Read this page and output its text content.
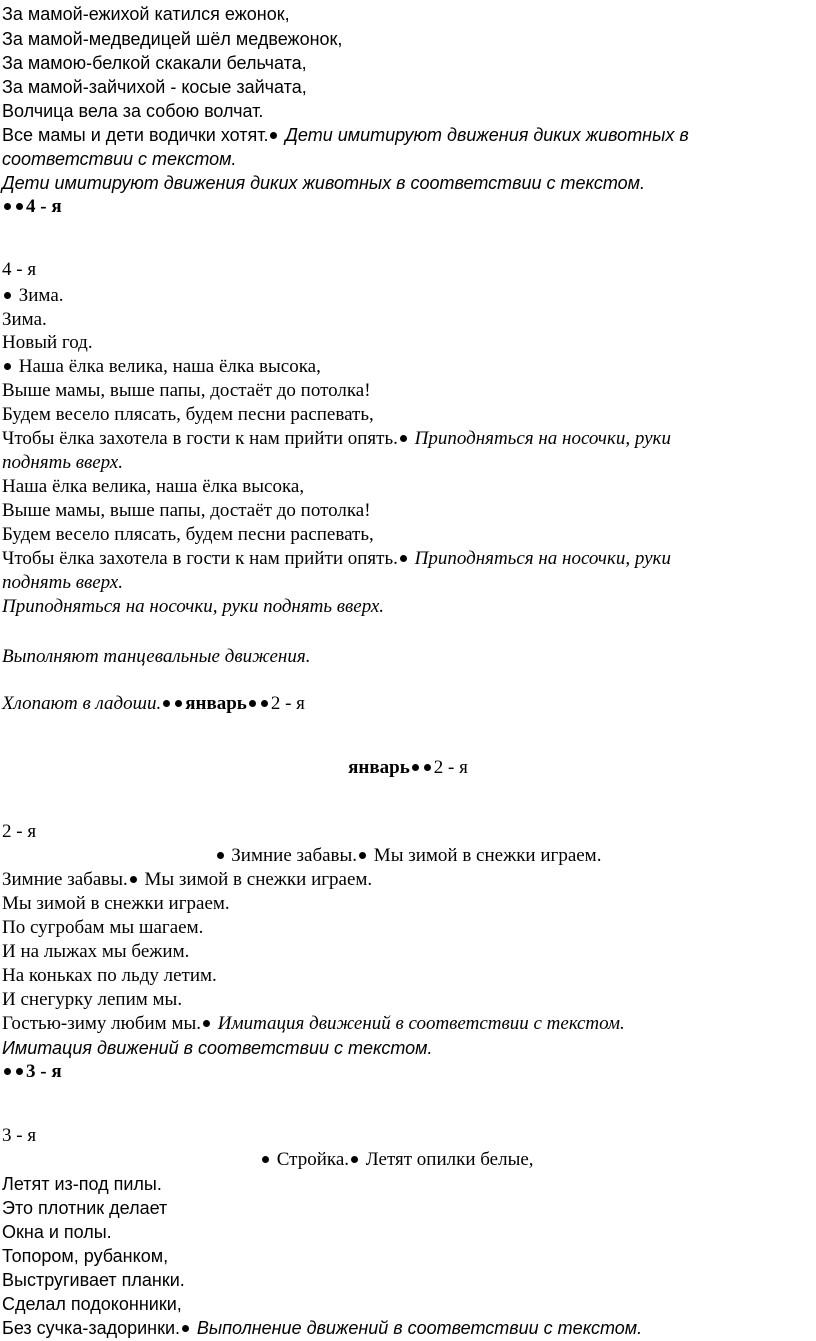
За мамой-ежихой катился ежонок,
За мамой-медведицей шёл медвежонок,
За мамою-белкой скакали бельчата,
За мамой-зайчихой - косые зайчата,
Волчица вела за собою волчат.
Все мамы и дети водички хотят. Дети имитируют движения диких животных в
соответствии с текстом.
Дети имитируют движения диких животных в соответствии с текстом.
4 - я
4 - я
Зима.
Зима.
Новый год.
Наша ёлка велика, наша ёлка высока,
Выше мамы, выше папы, достаёт до потолка!
Будем весело плясать, будем песни распевать,
Чтобы ёлка захотела в гости к нам прийти опять. Приподняться на носочки, руки
поднять вверх.
Наша ёлка велика, наша ёлка высока,
Выше мамы, выше папы, достаёт до потолка!
Будем весело плясать, будем песни распевать,
Чтобы ёлка захотела в гости к нам прийти опять. Приподняться на носочки, руки
поднять вверх.
Приподняться на носочки, руки поднять вверх.
Выполняют танцевальные движения.
Хлопают в ладоши. январь 2 - я
январь 2 - я
2 - я
Зимние забавы. Мы зимой в снежки играем.
Зимние забавы. Мы зимой в снежки играем.
Мы зимой в снежки играем.
По сугробам мы шагаем.
И на лыжах мы бежим.
На коньках по льду летим.
И снегурку лепим мы.
Гостью-зиму любим мы. Имитация движений в соответствии с текстом.
Имитация движений в соответствии с текстом.
3 - я
3 - я
Стройка. Летят опилки белые,
Летят из-под пилы.
Это плотник делает
Окна и полы.
Топором, рубанком,
Выстругивает планки.
Сделал подоконники,
Без сучка-задоринки. Выполнение движений в соответствии с текстом.
